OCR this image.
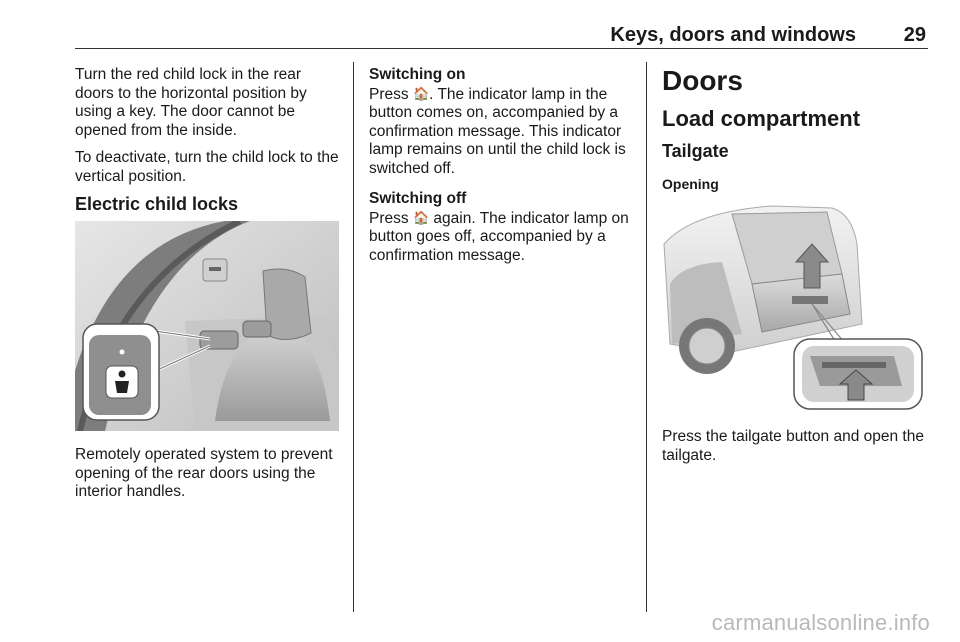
Keys, doors and windows 29

Turn the red child lock in the rear doors to the horizontal position by using a key. The door cannot be opened from the inside.

To deactivate, turn the child lock to the vertical position.

Electric child locks

Remotely operated system to prevent opening of the rear doors using the interior handles.

Switching on

Press 🏠. The indicator lamp in the button comes on, accompanied by a confirmation message. This indicator lamp remains on until the child lock is switched off.

Switching off

Press 🏠 again. The indicator lamp on button goes off, accompanied by a confirmation message.

Doors
Load compartment
Tailgate
Opening

Press the tailgate button and open the tailgate.

carmanualsonline.info
